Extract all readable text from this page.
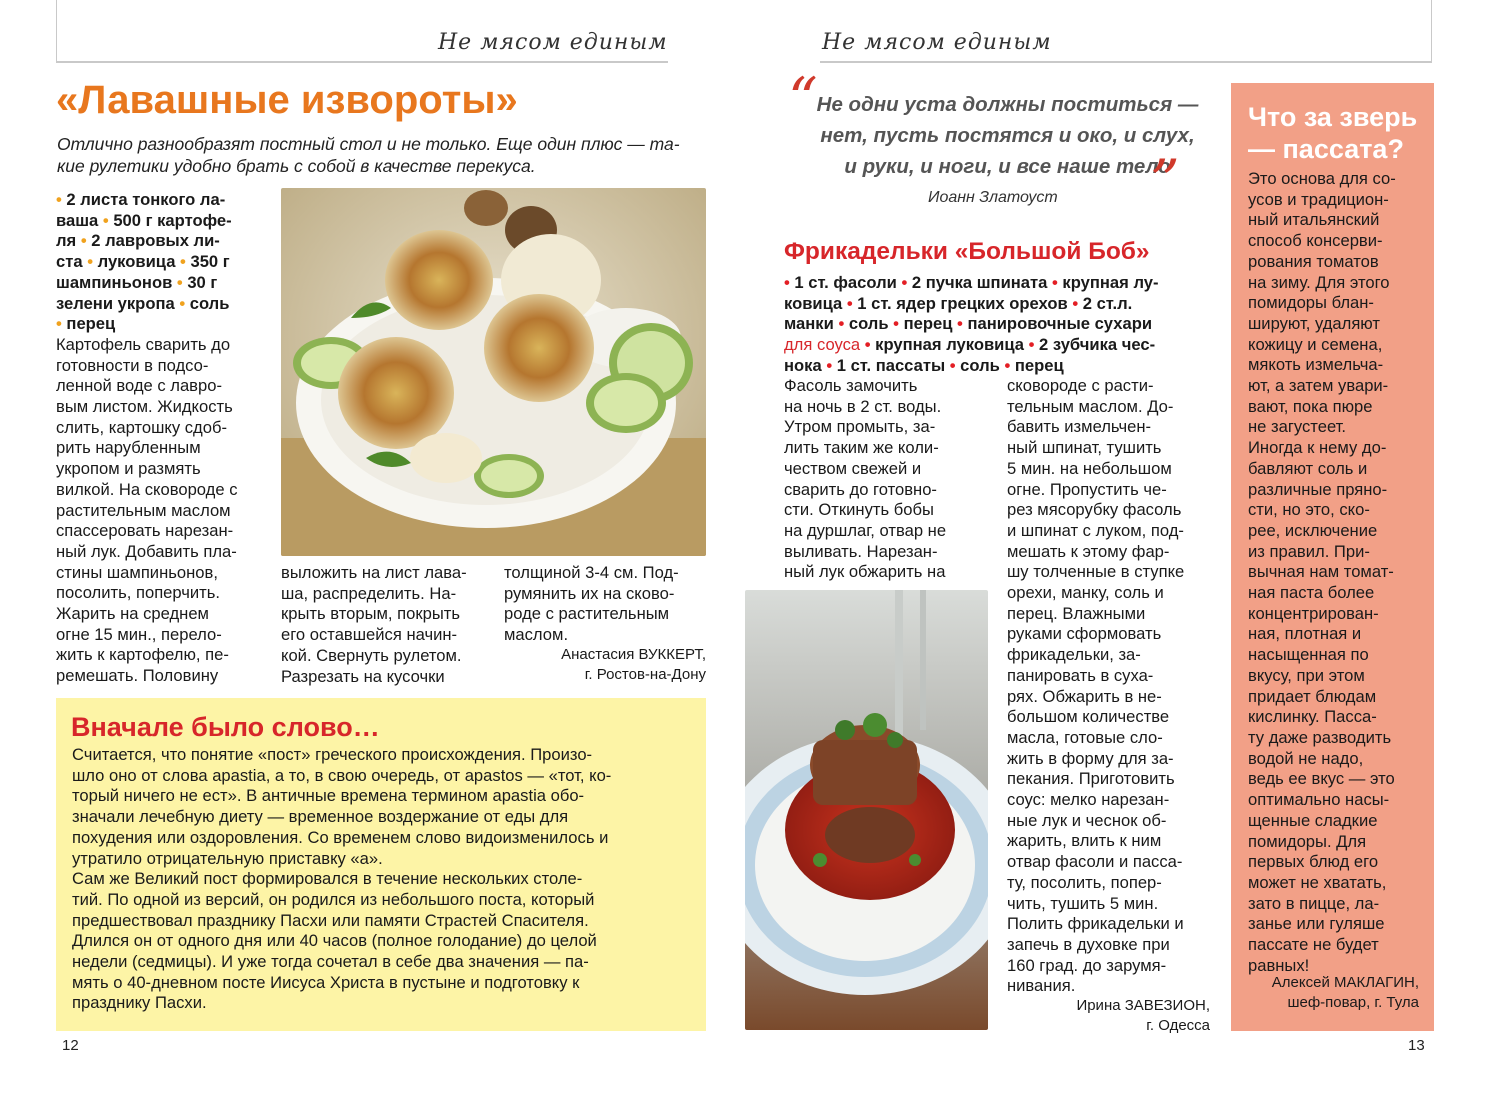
Не мясом единым	Не мясом единым
«Лавашные извороты»
Отлично разнообразят постный стол и не только. Еще один плюс — та-
кие рулетики удобно брать с собой в качестве перекуса.
• 2 листа тонкого ла-
ваша • 500 г картофе-
ля • 2 лавровых ли-
ста • луковица • 350 г
шампиньонов • 30 г
зелени укропа • соль
• перец
Картофель сварить до
готовности в подсо-
ленной воде с лавро-
вым листом. Жидкость
слить, картошку сдоб-
рить нарубленным
укропом и размять
вилкой. На сковороде с
растительным маслом
спассеровать нарезан-
ный лук. Добавить пла-
стины шампиньонов,
посолить, поперчить.
Жарить на среднем
огне 15 мин., перело-
жить к картофелю, пе-
ремешать. Половину
выложить на лист лава-
ша, распределить. На-
крыть вторым, покрыть
его оставшейся начин-
кой. Свернуть рулетом.
Разрезать на кусочки
толщиной 3-4 см. Под-
румянить их на сково-
роде с растительным
маслом.
Анастасия ВУККЕРТ,
г. Ростов-на-Дону
Вначале было слово…
Считается, что понятие «пост» греческого происхождения. Произо-
шло оно от слова apastia, а то, в свою очередь, от apastos — «тот, ко-
торый ничего не ест». В античные времена термином apastia обо-
значали лечебную диету — временное воздержание от еды для
похудения или оздоровления. Со временем слово видоизменилось и
утратило отрицательную приставку «а».
Сам же Великий пост формировался в течение нескольких столе-
тий. По одной из версий, он родился из небольшого поста, который
предшествовал празднику Пасхи или памяти Страстей Спасителя.
Длился он от одного дня или 40 часов (полное голодание) до целой
недели (седмицы). И уже тогда сочетал в себе два значения — па-
мять о 40-дневном посте Иисуса Христа в пустыне и подготовку к
празднику Пасхи.
12
“
Не одни уста должны поститься —
нет, пусть постятся и око, и слух,
и руки, и ноги, и все наше тело
”
Иоанн Златоуст
Фрикадельки «Большой Боб»
• 1 ст. фасоли • 2 пучка шпината • крупная лу-
ковица • 1 ст. ядер грецких орехов • 2 ст.л.
манки • соль • перец • панировочные сухари
для соуса • крупная луковица • 2 зубчика чес-
нока • 1 ст. пассаты • соль • перец
Фасоль замочить
на ночь в 2 ст. воды.
Утром промыть, за-
лить таким же коли-
чеством свежей и
сварить до готовно-
сти. Откинуть бобы
на дуршлаг, отвар не
выливать. Нарезан-
ный лук обжарить на
сковороде с расти-
тельным маслом. До-
бавить измельчен-
ный шпинат, тушить
5 мин. на небольшом
огне. Пропустить че-
рез мясорубку фасоль
и шпинат с луком, под-
мешать к этому фар-
шу толченные в ступке
орехи, манку, соль и
перец. Влажными
руками сформовать
фрикадельки, за-
панировать в суха-
рях. Обжарить в не-
большом количестве
масла, готовые сло-
жить в форму для за-
пекания. Приготовить
соус: мелко нарезан-
ные лук и чеснок об-
жарить, влить к ним
отвар фасоли и пасса-
ту, посолить, попер-
чить, тушить 5 мин.
Полить фрикадельки и
запечь в духовке при
160 град. до зарумя-
нивания.
Ирина ЗАВЕЗИОН,
г. Одесса
Что за зверь
— пассата?
Это основа для со-
усов и традицион-
ный итальянский
способ консерви-
рования томатов
на зиму. Для этого
помидоры блан-
шируют, удаляют
кожицу и семена,
мякоть измельча-
ют, а затем увари-
вают, пока пюре
не загустеет.
Иногда к нему до-
бавляют соль и
различные пряно-
сти, но это, ско-
рее, исключение
из правил. При-
вычная нам томат-
ная паста более
концентрирован-
ная, плотная и
насыщенная по
вкусу, при этом
придает блюдам
кислинку. Пасса-
ту даже разводить
водой не надо,
ведь ее вкус — это
оптимально насы-
щенные сладкие
помидоры. Для
первых блюд его
может не хватать,
зато в пицце, ла-
занье или гуляше
пассате не будет
равных!
Алексей МАКЛАГИН,
шеф-повар, г. Тула
13
